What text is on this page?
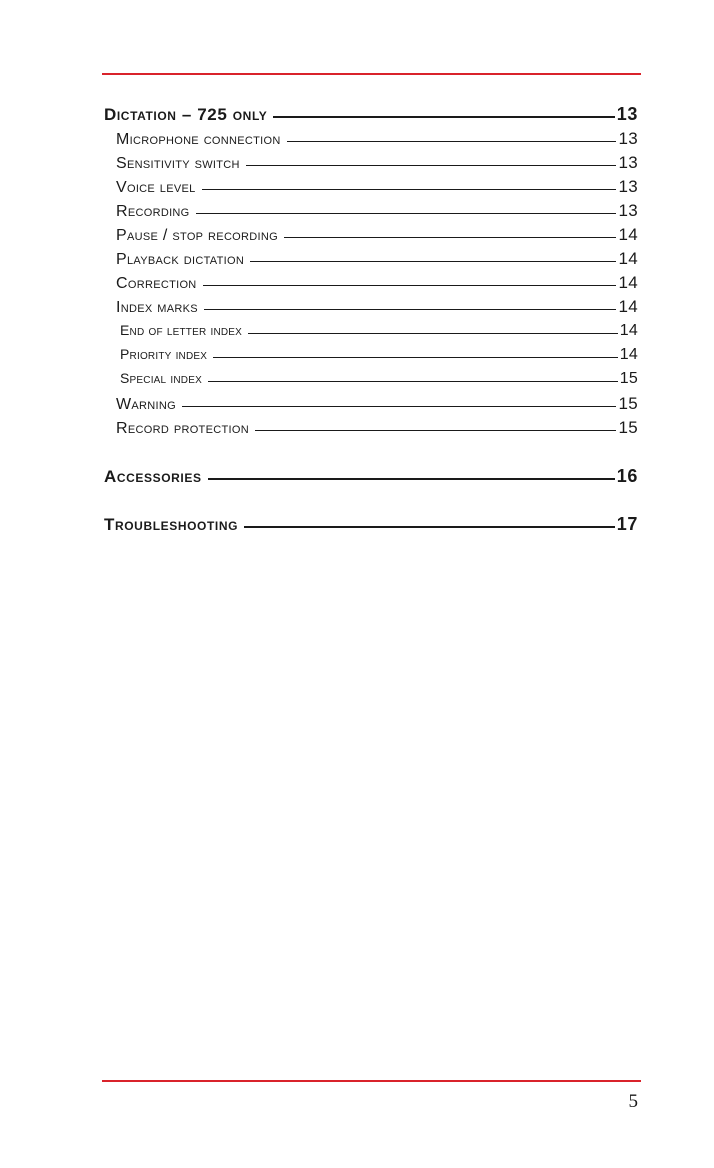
Dictation – 725 only	13
Microphone connection	13
Sensitivity switch	13
Voice level	13
Recording	13
Pause / stop recording	14
Playback dictation	14
Correction	14
Index marks	14
End of letter index	14
Priority index	14
Special index	15
Warning	15
Record protection	15
Accessories	16
Troubleshooting	17
5
